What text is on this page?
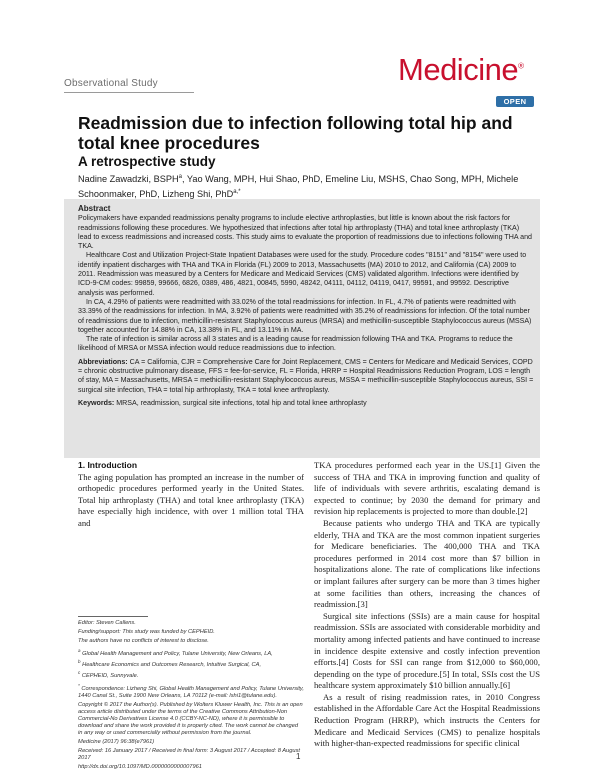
Observational Study	Medicine®
OPEN
Readmission due to infection following total hip and total knee procedures
A retrospective study
Nadine Zawadzki, BSPH$^a$, Yao Wang, MPH, Hui Shao, PhD, Emeline Liu, MSHS, Chao Song, MPH, Michele Schoonmaker, PhD, Lizheng Shi, PhD$^{a,*}$

Abstract

Policymakers have expanded readmissions penalty programs to include elective arthroplasties, but little is known about the risk factors for readmissions following these procedures. We hypothesized that infections after total hip arthroplasty (THA) and total knee arthroplasty (TKA) lead to excess readmissions and increased costs. This study aims to evaluate the proportion of readmissions due to infections following THA and TKA.

Healthcare Cost and Utilization Project-State Inpatient Databases were used for the study. Procedure codes "8151" and "8154" were used to identify inpatient discharges with THA and TKA in Florida (FL) 2009 to 2013, Massachusetts (MA) 2010 to 2012, and California (CA) 2009 to 2011. Readmission was measured by a Centers for Medicare and Medicaid Services (CMS) validated algorithm. Infections were identified by ICD-9-CM codes: 99859, 99666, 6826, 0389, 486, 4821, 00845, 5990, 48242, 04111, 04112, 04119, 0417, 99591, and 99592. Descriptive analysis was performed.

In CA, 4.29% of patients were readmitted with 33.02% of the total readmissions for infection. In FL, 4.7% of patients were readmitted with 33.39% of the readmissions for infection. In MA, 3.92% of patients were readmitted with 35.2% of readmissions for infection. Of the total number of readmissions due to infection, methicillin-resistant Staphylococcus aureus (MRSA) and methicillin-susceptible Staphylococcus aureus (MSSA) together accounted for 14.88% in CA, 13.38% in FL, and 13.11% in MA.

The rate of infection is similar across all 3 states and is a leading cause for readmission following THA and TKA. Programs to reduce the likelihood of MRSA or MSSA infection would reduce readmissions due to infection.

Abbreviations: CA = California, CJR = Comprehensive Care for Joint Replacement, CMS = Centers for Medicare and Medicaid Services, COPD = chronic obstructive pulmonary disease, FFS = fee-for-service, FL = Florida, HRRP = Hospital Readmissions Reduction Program, LOS = length of stay, MA = Massachusetts, MRSA = methicillin-resistant Staphylococcus aureus, MSSA = methicillin-susceptible Staphylococcus aureus, SSI = surgical site infection, THA = total hip arthroplasty, TKA = total knee arthroplasty.

Keywords: MRSA, readmission, surgical site infections, total hip and total knee arthroplasty

1. Introduction

The aging population has prompted an increase in the number of orthopedic procedures performed yearly in the United States. Total hip arthroplasty (THA) and total knee arthroplasty (TKA) have especially high incidence, with over 1 million total THA and

Editor: Steven Callens.

Funding/support: This study was funded by CEPHEID.

The authors have no conflicts of interest to disclose.

$^a$ Global Health Management and Policy, Tulane University, New Orleans, LA,
$^b$ Healthcare Economics and Outcomes Research, Intuitive Surgical, CA,
$^c$ CEPHEID, Sunnyvale.

* Correspondence: Lizheng Shi, Global Health Management and Policy, Tulane University, 1440 Canal St., Suite 1900 New Orleans, LA 70112 (e-mail: lshi1@tulane.edu).

Copyright © 2017 the Author(s). Published by Wolters Kluwer Health, Inc. This is an open access article distributed under the terms of the Creative Commons Attribution-Non Commercial-No Derivatives License 4.0 (CCBY-NC-ND), where it is permissible to download and share the work provided it is properly cited. The work cannot be changed in any way or used commercially without permission from the journal.

Medicine (2017) 96:38(e7961)

Received: 16 January 2017 / Received in final form: 3 August 2017 / Accepted: 8 August 2017

http://dx.doi.org/10.1097/MD.0000000000007961

TKA procedures performed each year in the US.[1] Given the success of THA and TKA in improving function and quality of life of individuals with severe arthritis, escalating demand is expected to continue; by 2030 the demand for primary and revision hip replacements is projected to more than double.[2]

Because patients who undergo THA and TKA are typically elderly, THA and TKA are the most common inpatient surgeries for Medicare beneficiaries. The 400,000 THA and TKA procedures performed in 2014 cost more than $7 billion in hospitalizations alone. The rate of complications like infections or implant failures after surgery can be more than 3 times higher at some facilities than others, increasing the chances of readmission.[3]

Surgical site infections (SSIs) are a main cause for hospital readmission. SSIs are associated with considerable morbidity and mortality among infected patients and have continued to increase in incidence despite extensive and costly infection prevention efforts.[4] Costs for SSI can range from $12,000 to $60,000, depending on the type of procedure.[5] In total, SSIs cost the US healthcare system approximately $10 billion annually.[6]

As a result of rising readmission rates, in 2010 Congress established in the Affordable Care Act the Hospital Readmissions Reduction Program (HRRP), which instructs the Centers for Medicare and Medicaid Services (CMS) to penalize hospitals with higher-than-expected readmissions for specific clinical

1
